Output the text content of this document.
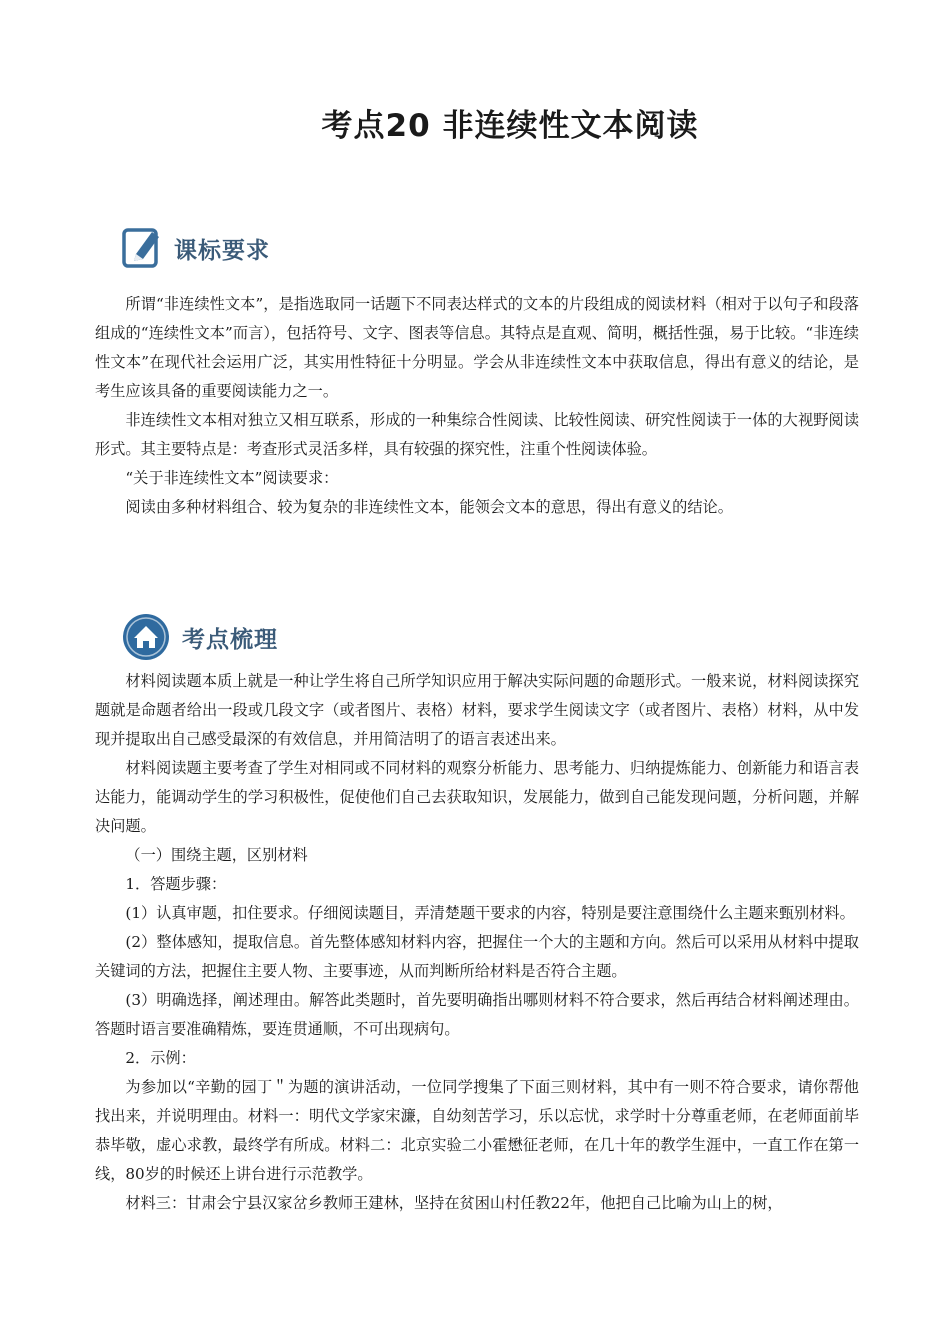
考点20 非连续性文本阅读
课标要求

所谓“非连续性文本”，是指选取同一话题下不同表达样式的文本的片段组成的阅读材料（相对于以句子和段落组成的“连续性文本”而言），包括符号、文字、图表等信息。其特点是直观、简明，概括性强，易于比较。“非连续性文本”在现代社会运用广泛，其实用性特征十分明显。学会从非连续性文本中获取信息，得出有意义的结论，是考生应该具备的重要阅读能力之一。

非连续性文本相对独立又相互联系，形成的一种集综合性阅读、比较性阅读、研究性阅读于一体的大视野阅读形式。其主要特点是：考查形式灵活多样，具有较强的探究性，注重个性阅读体验。

“关于非连续性文本”阅读要求：

阅读由多种材料组合、较为复杂的非连续性文本，能领会文本的意思，得出有意义的结论。

考点梳理

材料阅读题本质上就是一种让学生将自己所学知识应用于解决实际问题的命题形式。一般来说，材料阅读探究题就是命题者给出一段或几段文字（或者图片、表格）材料，要求学生阅读文字（或者图片、表格）材料，从中发现并提取出自己感受最深的有效信息，并用简洁明了的语言表述出来。

材料阅读题主要考查了学生对相同或不同材料的观察分析能力、思考能力、归纳提炼能力、创新能力和语言表达能力，能调动学生的学习积极性，促使他们自己去获取知识，发展能力，做到自己能发现问题，分析问题，并解决问题。

（一）围绕主题，区别材料

1．答题步骤：

(1）认真审题，扣住要求。仔细阅读题目，弄清楚题干要求的内容，特别是要注意围绕什么主题来甄别材料。

(2）整体感知，提取信息。首先整体感知材料内容，把握住一个大的主题和方向。然后可以采用从材料中提取关键词的方法，把握住主要人物、主要事迹，从而判断所给材料是否符合主题。

(3）明确选择，阐述理由。解答此类题时，首先要明确指出哪则材料不符合要求，然后再结合材料阐述理由。答题时语言要准确精炼，要连贯通顺，不可出现病句。

2．示例：

为参加以“辛勤的园丁＂为题的演讲活动，一位同学搜集了下面三则材料，其中有一则不符合要求，请你帮他找出来，并说明理由。材料一：明代文学家宋濂，自幼刻苦学习，乐以忘忧，求学时十分尊重老师，在老师面前毕恭毕敬，虚心求教，最终学有所成。材料二：北京实验二小霍懋征老师，在几十年的教学生涯中，一直工作在第一线，80岁的时候还上讲台进行示范教学。

材料三：甘肃会宁县汉家岔乡教师王建林，坚持在贫困山村任教22年，他把自己比喻为山上的树，
